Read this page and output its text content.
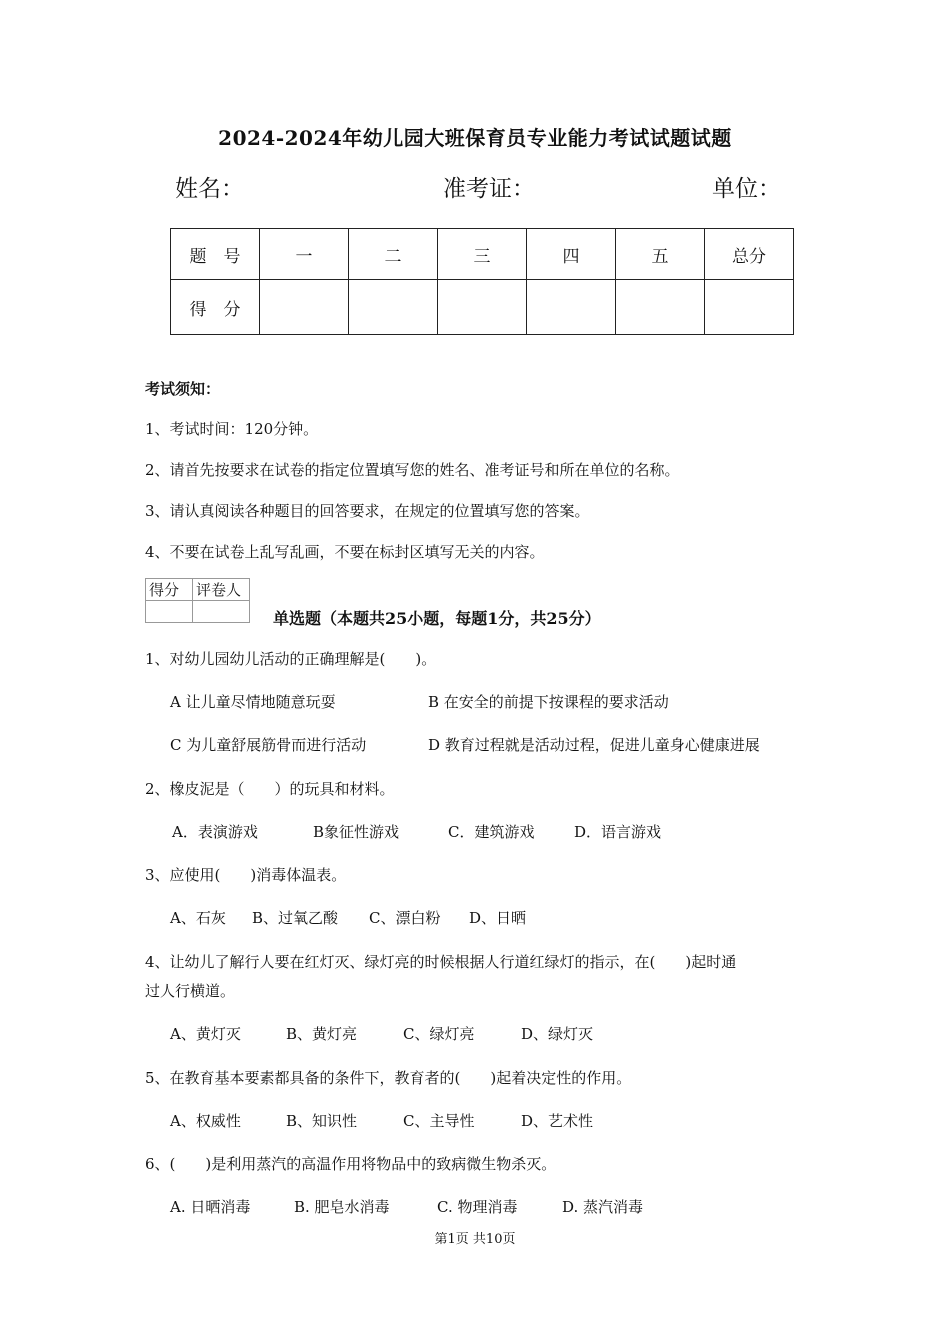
2024-2024年幼儿园大班保育员专业能力考试试题试题
姓名：	准考证：	单位：
题　号	一	二	三	四	五	总分
得　分						
考试须知：
1、考试时间：120分钟。
2、请首先按要求在试卷的指定位置填写您的姓名、准考证号和所在单位的名称。
3、请认真阅读各种题目的回答要求，在规定的位置填写您的答案。
4、不要在试卷上乱写乱画，不要在标封区填写无关的内容。
得分	评卷人

单选题（本题共25小题，每题1分，共25分）
1、对幼儿园幼儿活动的正确理解是(　　)。
A 让儿童尽情地随意玩耍	B 在安全的前提下按课程的要求活动
C 为儿童舒展筋骨而进行活动	D 教育过程就是活动过程，促进儿童身心健康进展
2、橡皮泥是（　　）的玩具和材料。
A．表演游戏	B象征性游戏	C．建筑游戏	D．语言游戏
3、应使用(　　)消毒体温表。
A、石灰 B、过氧乙酸 C、漂白粉 D、日晒
4、让幼儿了解行人要在红灯灭、绿灯亮的时候根据人行道红绿灯的指示，在(　　)起时通
过人行横道。
A、黄灯灭	B、黄灯亮	C、绿灯亮	D、绿灯灭
5、在教育基本要素都具备的条件下，教育者的(　　)起着决定性的作用。
A、权威性	B、知识性	C、主导性	D、艺术性
6、(　　)是利用蒸汽的高温作用将物品中的致病微生物杀灭。
A. 日晒消毒	B. 肥皂水消毒	C. 物理消毒	D. 蒸汽消毒
第1页 共10页
